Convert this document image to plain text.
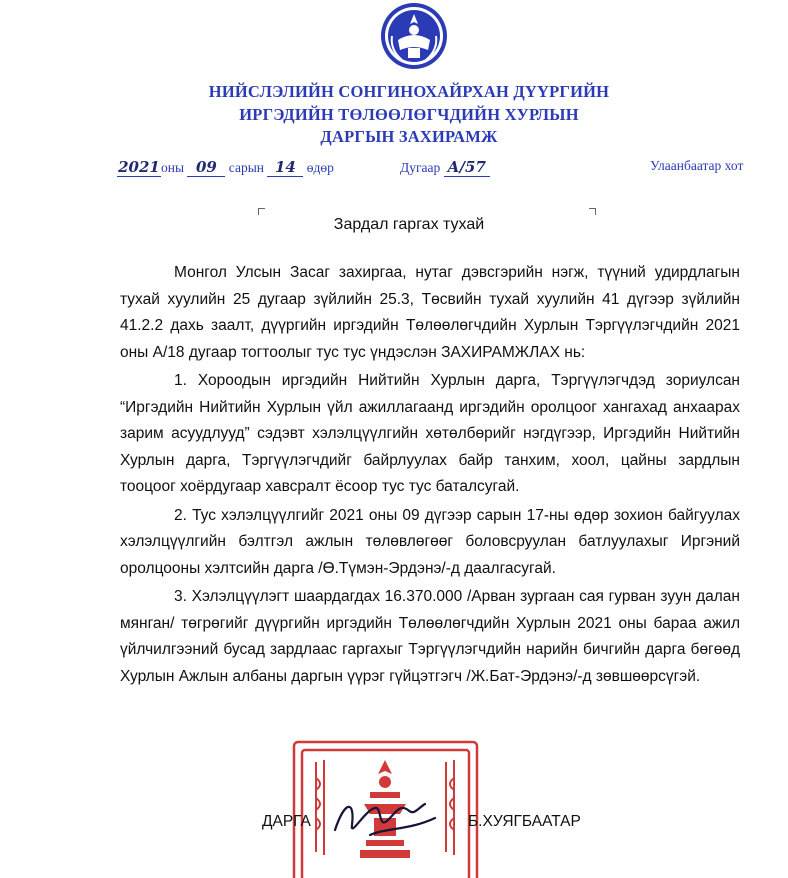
НИЙСЛЭЛИЙН СОНГИНОХАЙРХАН ДҮҮРГИЙН
ИРГЭДИЙН ТӨЛӨӨЛӨГЧДИЙН ХУРЛЫН
ДАРГЫН ЗАХИРАМЖ
2021оны 09 сарын 14 өдөр	Дугаар А/57	Улаанбаатар хот
Зардал гаргах тухай

Монгол Улсын Засаг захиргаа, нутаг дэвсгэрийн нэгж, түүний удирдлагын тухай хуулийн 25 дугаар зүйлийн 25.3, Төсвийн тухай хуулийн 41 дүгээр зүйлийн 41.2.2 дахь заалт, дүүргийн иргэдийн Төлөөлөгчдийн Хурлын Тэргүүлэгчдийн 2021 оны А/18 дугаар тогтоолыг тус тус үндэслэн ЗАХИРАМЖЛАХ нь:

1. Хороодын иргэдийн Нийтийн Хурлын дарга, Тэргүүлэгчдэд зориулсан “Иргэдийн Нийтийн Хурлын үйл ажиллагаанд иргэдийн оролцоог хангахад анхаарах зарим асуудлууд” сэдэвт хэлэлцүүлгийн хөтөлбөрийг нэгдүгээр, Иргэдийн Нийтийн Хурлын дарга, Тэргүүлэгчдийг байрлуулах байр танхим, хоол, цайны зардлын тооцоог хоёрдугаар хавсралт ёсоор тус тус баталсугай.

2. Тус хэлэлцүүлгийг 2021 оны 09 дүгээр сарын 17-ны өдөр зохион байгуулах хэлэлцүүлгийн бэлтгэл ажлын төлөвлөгөөг боловсруулан батлуулахыг Иргэний оролцооны хэлтсийн дарга /Ө.Түмэн-Эрдэнэ/-д даалгасугай.

3. Хэлэлцүүлэгт шаардагдах 16.370.000 /Арван зургаан сая гурван зуун далан мянган/ төгрөгийг дүүргийн иргэдийн Төлөөлөгчдийн Хурлын 2021 оны бараа ажил үйлчилгээний бусад зардлаас гаргахыг Тэргүүлэгчдийн нарийн бичгийн дарга бөгөөд Хурлын Ажлын албаны даргын үүрэг гүйцэтгэгч /Ж.Бат-Эрдэнэ/-д зөвшөөрсүгэй.

ДАРГА	Б.ХУЯГБААТАР
